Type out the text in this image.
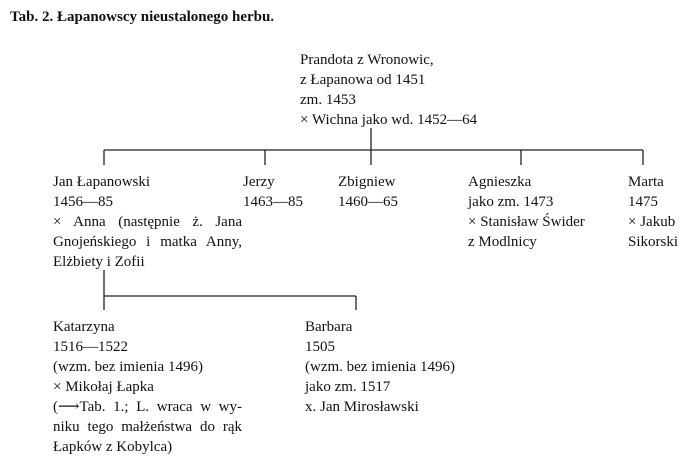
Tab. 2. Łapanowscy nieustalonego herbu.
Prandota z Wronowic,
z Łapanowa od 1451
zm. 1453
× Wichna jako wd. 1452—64
Jan Łapanowski
1456—85
× Anna (następnie ż. Jana
Gnojeńskiego i matka Anny,
Elżbiety i Zofii
Jerzy
1463—85
Zbigniew
1460—65
Agnieszka
jako zm. 1473
× Stanisław Świder
z Modlnicy
Marta
1475
× Jakub
Sikorski
Katarzyna
1516—1522
(wzm. bez imienia 1496)
× Mikołaj Łapka
(⟶Tab. 1.; L. wraca w wy-
niku tego małżeństwa do rąk
Łapków z Kobylca)
Barbara
1505
(wzm. bez imienia 1496)
jako zm. 1517
x. Jan Mirosławski
